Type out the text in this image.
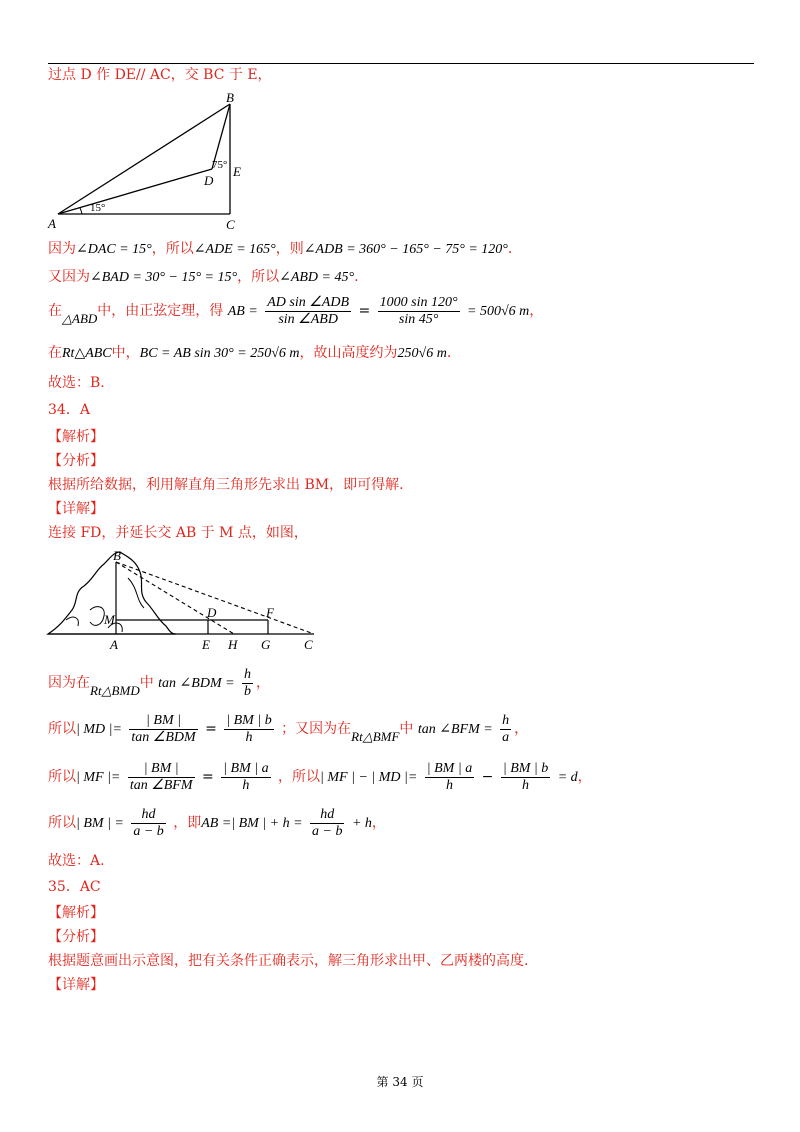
过点 D 作 DE// AC，交 BC 于 E，
A
B
C
D
E
15°
75°
因为∠DAC = 15°，所以∠ADE = 165°，则∠ADB = 360° − 165° − 75° = 120°.
又因为∠BAD = 30° − 15° = 15°，所以∠ABD = 45°.
在△ABD中，由正弦定理，得 AB = $\frac{\text{AD sin ∠ADB}}{\text{sin ∠ABD}} = \frac{1000 \sin 120^\circ}{\sin 45^\circ} = 500√6$ m，
在Rt△ABC中，BC = AB sin 30° = 250√6 m，故山高度约为250√6 m.
故选：B.
34．A
【解析】
【分析】
根据所给数据，利用解直角三角形先求出 BM，即可得解.
【详解】
连接 FD，并延长交 AB 于 M 点，如图，
B
M
A
D	F
E H G	C
因为在Rt△BMD中 tan ∠BDM = $\frac{h}{b}$ ，
所以| MD |= $\frac{| BM |}{\text{tan ∠BDM}} = \frac{| BM | b}{h}$ ；又因为在Rt△BMF中 tan ∠BFM = $\frac{h}{a}$ ，
所以| MF |= $\frac{| BM |}{\text{tan ∠BFM}} = \frac{| BM | a}{h}$ ，所以| MF | − | MD |= $\frac{| BM | a}{h} - \frac{| BM | b}{h} = d$，
所以| BM | = $\frac{hd}{a - b}$ ，即AB =| BM | + $h = \frac{hd}{a - b} + h$，
故选：A.
35．AC
【解析】
【分析】
根据题意画出示意图，把有关条件正确表示，解三角形求出甲、乙两楼的高度.
【详解】
第 34 页
